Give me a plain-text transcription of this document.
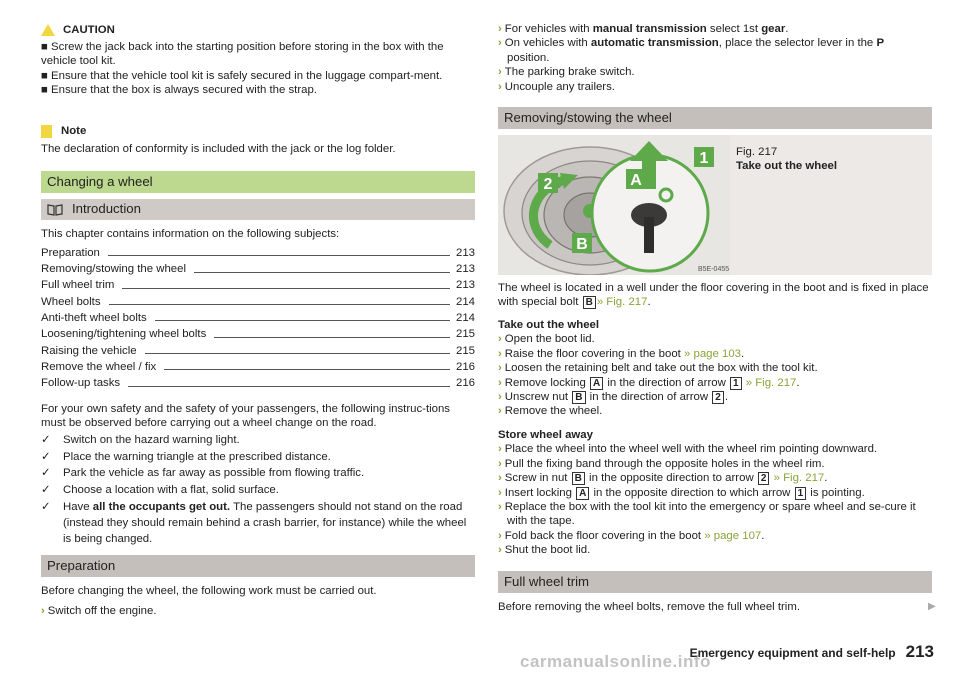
CAUTION

■ Screw the jack back into the starting position before storing in the box with the vehicle tool kit.

■ Ensure that the vehicle tool kit is safely secured in the luggage compart-ment.

■ Ensure that the box is always secured with the strap.

Note

The declaration of conformity is included with the jack or the log folder.

Changing a wheel
Introduction

This chapter contains information on the following subjects:

Preparation	213
Removing/stowing the wheel	213
Full wheel trim	213
Wheel bolts	214
Anti-theft wheel bolts	214
Loosening/tightening wheel bolts	215
Raising the vehicle	215
Remove the wheel / fix	216
Follow-up tasks	216

For your own safety and the safety of your passengers, the following instruc-tions must be observed before carrying out a wheel change on the road.

✓ Switch on the hazard warning light.

✓ Place the warning triangle at the prescribed distance.

✓ Park the vehicle as far away as possible from flowing traffic.

✓ Choose a location with a flat, solid surface.

✓ Have all the occupants get out. The passengers should not stand on the road (instead they should remain behind a crash barrier, for instance) while the wheel is being changed.

Preparation

Before changing the wheel, the following work must be carried out.

› Switch off the engine.

› For vehicles with manual transmission select 1st gear.

› On vehicles with automatic transmission, place the selector lever in the P
position.

› The parking brake switch.

› Uncouple any trailers.

Removing/stowing the wheel
1
2	A
B
B5E-0455

Fig. 217

Take out the wheel

The wheel is located in a well under the floor covering in the boot and is fixed in place with special bolt B » Fig. 217.

Take out the wheel

› Open the boot lid.

› Raise the floor covering in the boot » page 103.

› Loosen the retaining belt and take out the box with the tool kit.

› Remove locking A in the direction of arrow 1 » Fig. 217.

› Unscrew nut B in the direction of arrow 2 .

› Remove the wheel.

Store wheel away

› Place the wheel into the wheel well with the wheel rim pointing downward.

› Pull the fixing band through the opposite holes in the wheel rim.

› Screw in nut B in the opposite direction to arrow 2 » Fig. 217.

› Insert locking A in the opposite direction to which arrow 1 is pointing.

› Replace the box with the tool kit into the emergency or spare wheel and se-cure it with the tape.

› Fold back the floor covering in the boot » page 107.

› Shut the boot lid.

Full wheel trim

Before removing the wheel bolts, remove the full wheel trim.	▶
Emergency equipment and self-help 213
carmanualsonline.info
